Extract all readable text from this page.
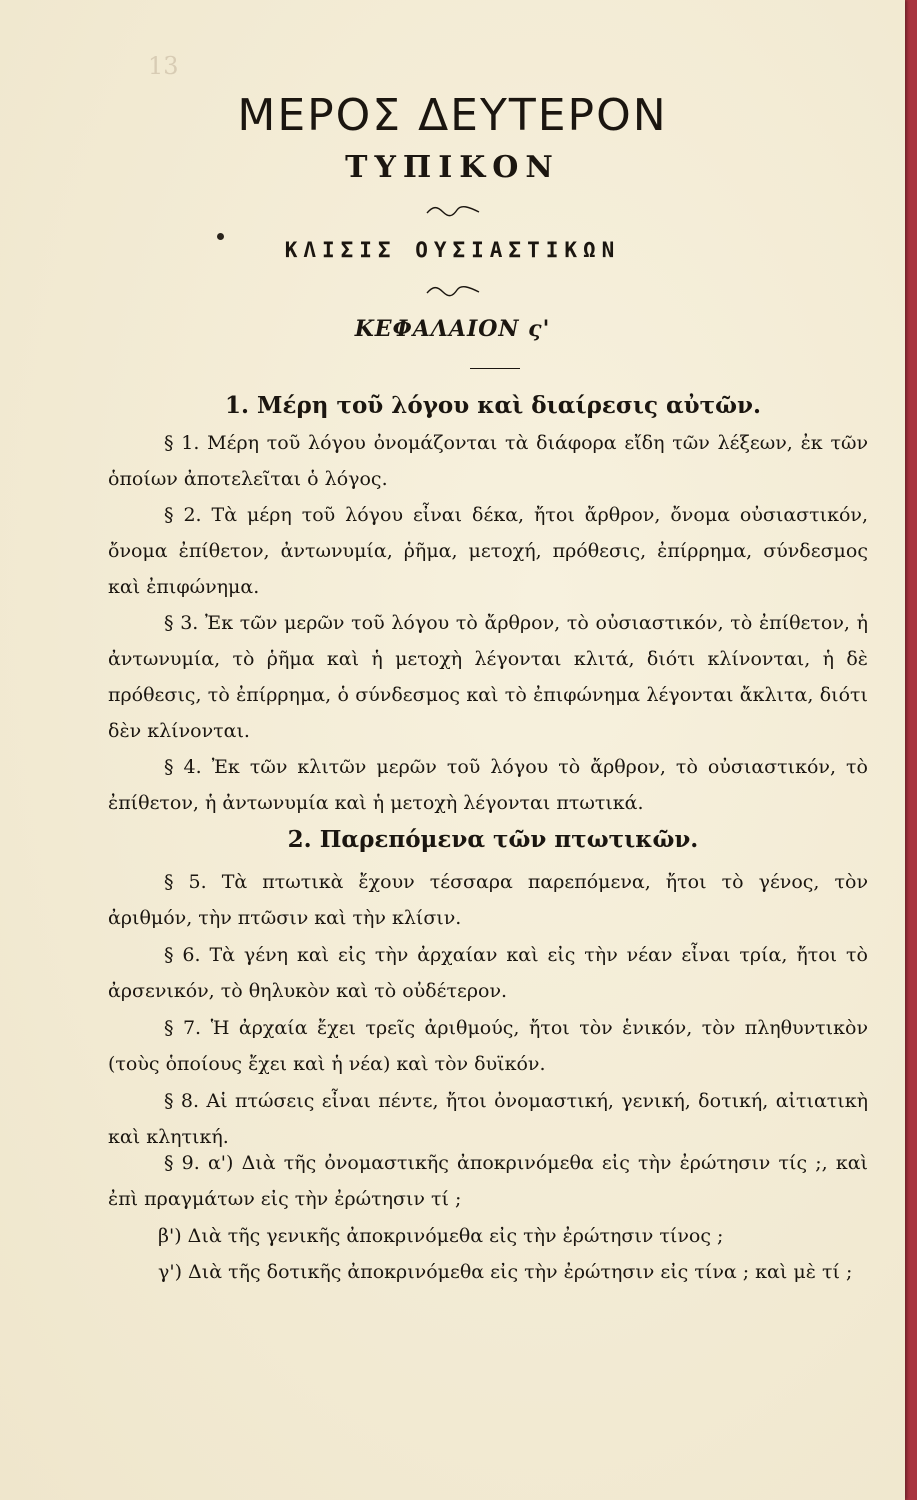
13
ΜΕΡΟΣ ΔΕΥΤΕΡΟΝ
ΤΥΠΙΚΟΝ
ΚΛΙΣΙΣ ΟΥΣΙΑΣΤΙΚΩΝ
ΚΕΦΑΛΑΙΟΝ ς'
1. Μέρη τοῦ λόγου καὶ διαίρεσις αὐτῶν.
§ 1. Μέρη τοῦ λόγου ὀνομάζονται τὰ διάφορα εἴδη τῶν λέξεων, ἐκ τῶν ὁποίων ἀποτελεῖται ὁ λόγος.
§ 2. Τὰ μέρη τοῦ λόγου εἶναι δέκα, ἤτοι ἄρθρον, ὄνομα οὐσιαστικόν, ὄνομα ἐπίθετον, ἀντωνυμία, ῥῆμα, μετοχή, πρόθεσις, ἐπίρρημα, σύνδεσμος καὶ ἐπιφώνημα.
§ 3. Ἐκ τῶν μερῶν τοῦ λόγου τὸ ἄρθρον, τὸ οὐσιαστικόν, τὸ ἐπίθετον, ἡ ἀντωνυμία, τὸ ῥῆμα καὶ ἡ μετοχὴ λέγονται κλιτά, διότι κλίνονται, ἡ δὲ πρόθεσις, τὸ ἐπίρρημα, ὁ σύνδεσμος καὶ τὸ ἐπιφώνημα λέγονται ἄκλιτα, διότι δὲν κλίνονται.
§ 4. Ἐκ τῶν κλιτῶν μερῶν τοῦ λόγου τὸ ἄρθρον, τὸ οὐσιαστικόν, τὸ ἐπίθετον, ἡ ἀντωνυμία καὶ ἡ μετοχὴ λέγονται πτωτικά.
2. Παρεπόμενα τῶν πτωτικῶν.
§ 5. Τὰ πτωτικὰ ἔχουν τέσσαρα παρεπόμενα, ἤτοι τὸ γένος, τὸν ἀριθμόν, τὴν πτῶσιν καὶ τὴν κλίσιν.
§ 6. Τὰ γένη καὶ εἰς τὴν ἀρχαίαν καὶ εἰς τὴν νέαν εἶναι τρία, ἤτοι τὸ ἀρσενικόν, τὸ θηλυκὸν καὶ τὸ οὐδέτερον.
§ 7. Ἡ ἀρχαία ἔχει τρεῖς ἀριθμούς, ἤτοι τὸν ἑνικόν, τὸν πληθυντικὸν (τοὺς ὁποίους ἔχει καὶ ἡ νέα) καὶ τὸν δυϊκόν.
§ 8. Αἱ πτώσεις εἶναι πέντε, ἤτοι ὀνομαστική, γενική, δοτική, αἰτιατικὴ καὶ κλητική.
§ 9. α') Διὰ τῆς ὀνομαστικῆς ἀποκρινόμεθα εἰς τὴν ἐρώτησιν τίς ;, καὶ ἐπὶ πραγμάτων εἰς τὴν ἐρώτησιν τί ;
β') Διὰ τῆς γενικῆς ἀποκρινόμεθα εἰς τὴν ἐρώτησιν τίνος ;
γ') Διὰ τῆς δοτικῆς ἀποκρινόμεθα εἰς τὴν ἐρώτησιν εἰς τίνα ; καὶ μὲ τί ;
